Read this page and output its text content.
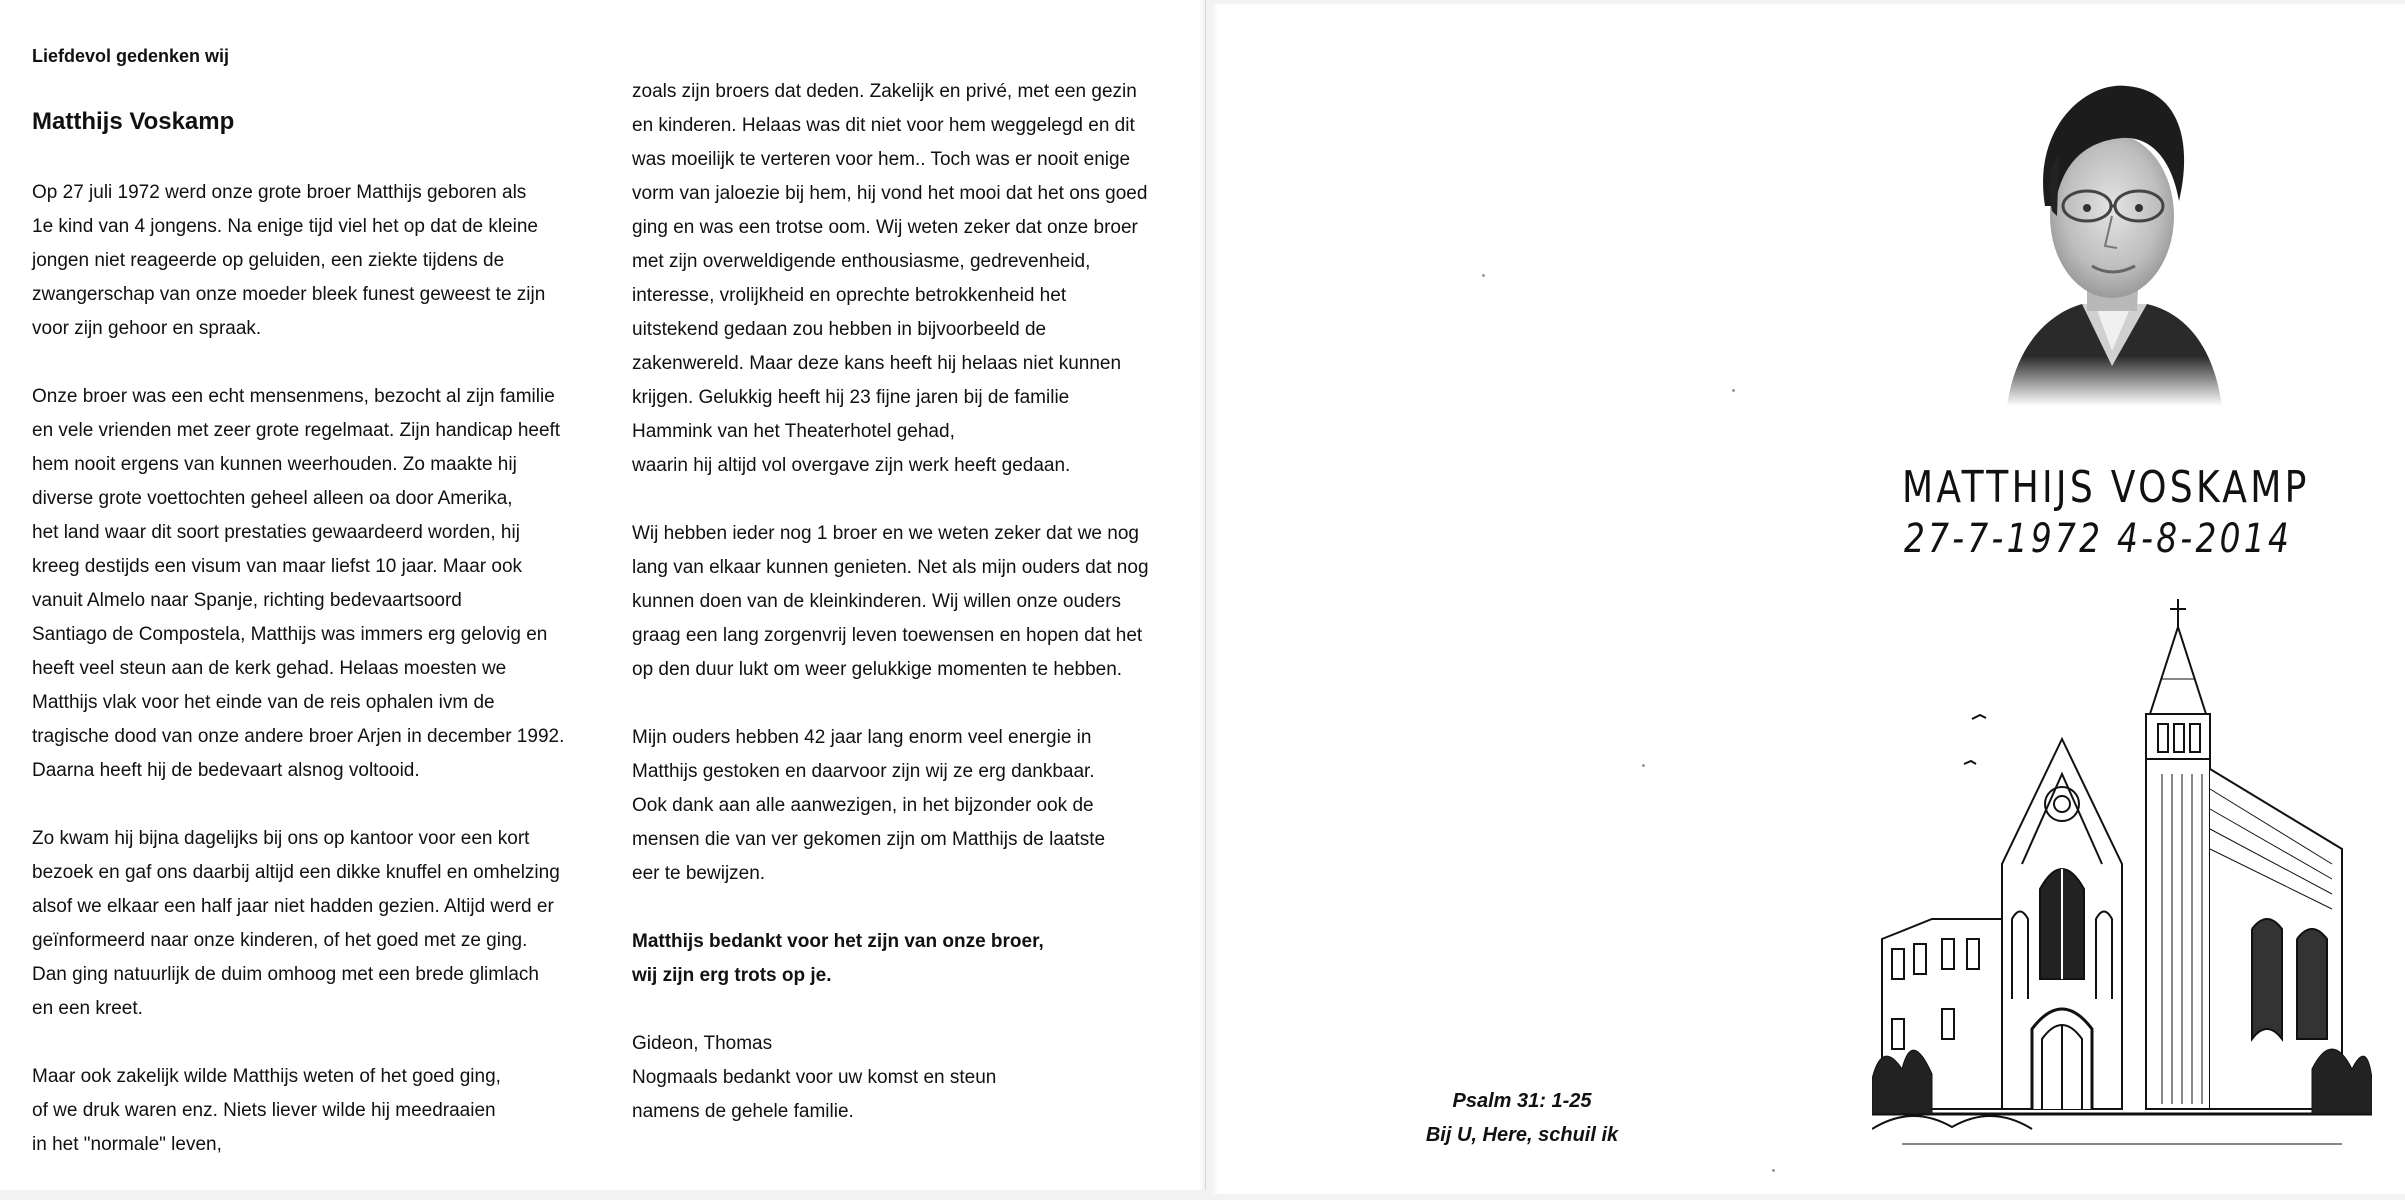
Liefdevol gedenken wij
Matthijs Voskamp
Op 27 juli 1972 werd onze grote broer Matthijs geboren als
1e kind van 4 jongens. Na enige tijd viel het op dat de kleine
jongen niet reageerde op geluiden, een ziekte tijdens de
zwangerschap van onze moeder bleek funest geweest te zijn
voor zijn gehoor en spraak.
Onze broer was een echt mensenmens, bezocht al zijn familie
en vele vrienden met zeer grote regelmaat. Zijn handicap heeft
hem nooit ergens van kunnen weerhouden. Zo maakte hij
diverse grote voettochten geheel alleen oa door Amerika,
het land waar dit soort prestaties gewaardeerd worden, hij
kreeg destijds een visum van maar liefst 10 jaar. Maar ook
vanuit Almelo naar Spanje, richting bedevaartsoord
Santiago de Compostela, Matthijs was immers erg gelovig en
heeft veel steun aan de kerk gehad. Helaas moesten we
Matthijs vlak voor het einde van de reis ophalen ivm de
tragische dood van onze andere broer Arjen in december 1992.
Daarna heeft hij de bedevaart alsnog voltooid.
Zo kwam hij bijna dagelijks bij ons op kantoor voor een kort
bezoek en gaf ons daarbij altijd een dikke knuffel en omhelzing
alsof we elkaar een half jaar niet hadden gezien. Altijd werd er
geïnformeerd naar onze kinderen, of het goed met ze ging.
Dan ging natuurlijk de duim omhoog met een brede glimlach
en een kreet.
Maar ook zakelijk wilde Matthijs weten of het goed ging,
of we druk waren enz. Niets liever wilde hij meedraaien
in het "normale" leven,
zoals zijn broers dat deden. Zakelijk en privé, met een gezin
en kinderen. Helaas was dit niet voor hem weggelegd en dit
was moeilijk te verteren voor hem.. Toch was er nooit enige
vorm van jaloezie bij hem, hij vond het mooi dat het ons goed
ging en was een trotse oom. Wij weten zeker dat onze broer
met zijn overweldigende enthousiasme, gedrevenheid,
interesse, vrolijkheid en oprechte betrokkenheid het
uitstekend gedaan zou hebben in bijvoorbeeld de
zakenwereld. Maar deze kans heeft hij helaas niet kunnen
krijgen. Gelukkig heeft hij 23 fijne jaren bij de familie
Hammink van het Theaterhotel gehad,
waarin hij altijd vol overgave zijn werk heeft gedaan.
Wij hebben ieder nog 1 broer en we weten zeker dat we nog
lang van elkaar kunnen genieten. Net als mijn ouders dat nog
kunnen doen van de kleinkinderen. Wij willen onze ouders
graag een lang zorgenvrij leven toewensen en hopen dat het
op den duur lukt om weer gelukkige momenten te hebben.
Mijn ouders hebben 42 jaar lang enorm veel energie in
Matthijs gestoken en daarvoor zijn wij ze erg dankbaar.
Ook dank aan alle aanwezigen, in het bijzonder ook de
mensen die van ver gekomen zijn om Matthijs de laatste
eer te bewijzen.
Matthijs bedankt voor het zijn van onze broer,
wij zijn erg trots op je.
Gideon, Thomas
Nogmaals bedankt voor uw komst en steun
namens de gehele familie.
MATTHIJS VOSKAMP
27-7-1972 4-8-2014
Psalm 31: 1-25
Bij U, Here, schuil ik
